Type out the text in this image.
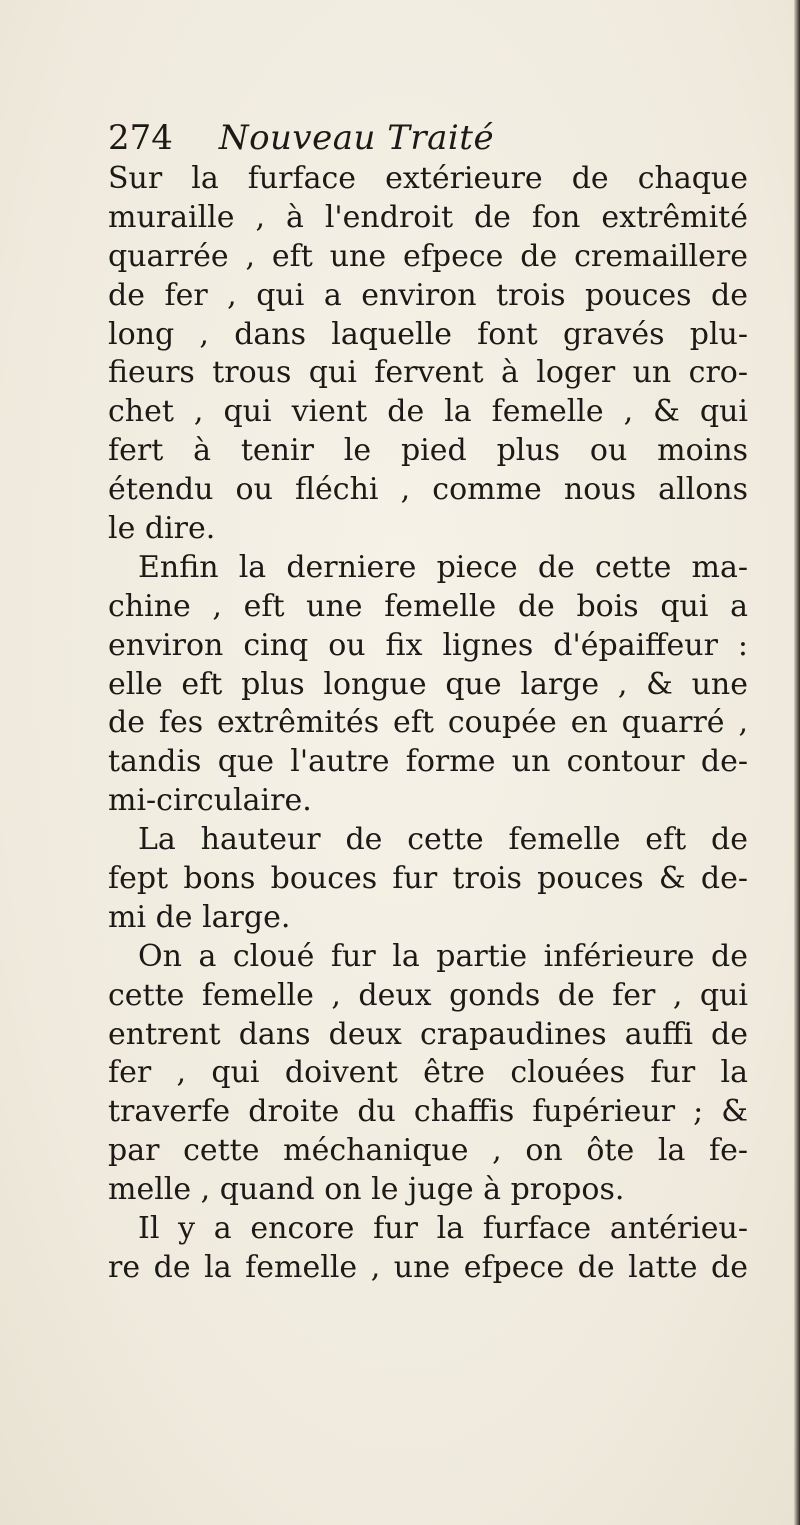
274 Nouveau Traité
Sur la furface extérieure de chaque
muraille , à l'endroit de fon extrêmité
quarrée , eft une efpece de cremaillere
de fer , qui a environ trois pouces de
long , dans laquelle font gravés plu-
fieurs trous qui fervent à loger un cro-
chet , qui vient de la femelle , & qui
fert à tenir le pied plus ou moins
étendu ou fléchi , comme nous allons
le dire.
Enfin la derniere piece de cette ma-
chine , eft une femelle de bois qui a
environ cinq ou fix lignes d'épaiffeur :
elle eft plus longue que large , & une
de fes extrêmités eft coupée en quarré ,
tandis que l'autre forme un contour de-
mi-circulaire.
La hauteur de cette femelle eft de
fept bons bouces fur trois pouces & de-
mi de large.
On a cloué fur la partie inférieure de
cette femelle , deux gonds de fer , qui
entrent dans deux crapaudines auffi de
fer , qui doivent être clouées fur la
traverfe droite du chaffis fupérieur ; &
par cette méchanique , on ôte la fe-
melle , quand on le juge à propos.
Il y a encore fur la furface antérieu-
re de la femelle , une efpece de latte de
